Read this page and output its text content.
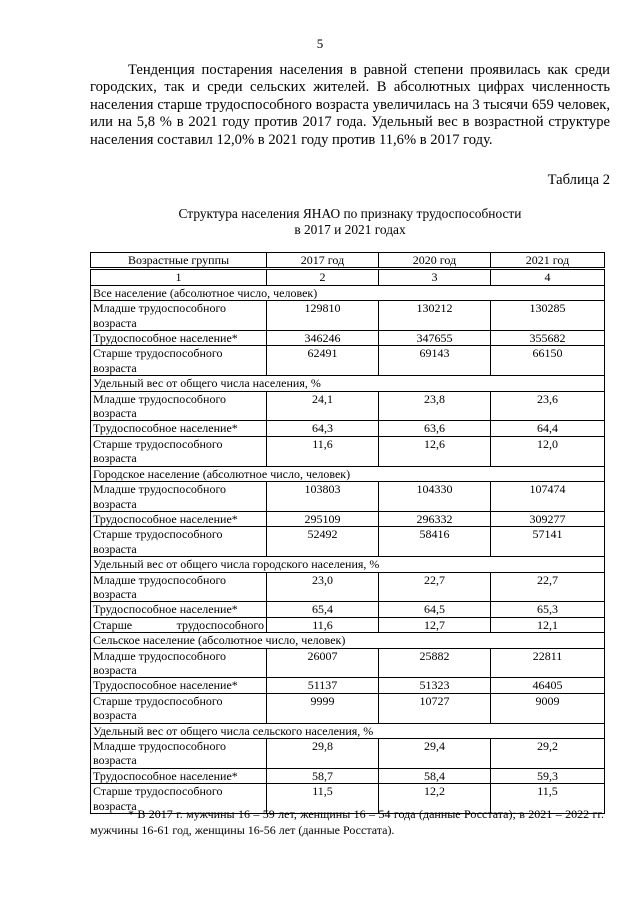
5

Тенденция постарения населения в равной степени проявилась как среди городских, так и среди сельских жителей. В абсолютных цифрах численность населения старше трудоспособного возраста увеличилась на 3 тысячи 659 человек, или на 5,8 % в 2021 году против 2017 года. Удельный вес в возрастной структуре населения составил 12,0% в 2021 году против 11,6% в 2017 году.

Таблица 2
Структура населения ЯНАО по признаку трудоспособности
в 2017 и 2021 годах
Возрастные группы	2017 год	2020 год	2021 год

1	2	3	4
Все население (абсолютное число, человек)			
Младше трудоспособного возраста	129810	130212	130285
Трудоспособное население*	346246	347655	355682
Старше трудоспособного возраста	62491	69143	66150
Удельный вес от общего числа населения, %			
Младше трудоспособного возраста	24,1	23,8	23,6
Трудоспособное население*	64,3	63,6	64,4
Старше трудоспособного возраста	11,6	12,6	12,0
Городское население (абсолютное число, человек)			
Младше трудоспособного возраста	103803	104330	107474
Трудоспособное население*	295109	296332	309277
Старше трудоспособного возраста	52492	58416	57141
Удельный вес от общего числа городского населения, %			
Младше трудоспособного возраста	23,0	22,7	22,7
Трудоспособное население*	65,4	64,5	65,3
Старше трудоспособного	11,6	12,7	12,1
Сельское население (абсолютное число, человек)			
Младше трудоспособного возраста	26007	25882	22811
Трудоспособное население*	51137	51323	46405
Старше трудоспособного возраста	9999	10727	9009
Удельный вес от общего числа сельского населения, %			
Младше трудоспособного возраста	29,8	29,4	29,2
Трудоспособное население*	58,7	58,4	59,3
Старше трудоспособного возраста	11,5	12,2	11,5

* В 2017 г. мужчины 16 – 59 лет, женщины 16 – 54 года (данные Росстата); в 2021 – 2022 гг. мужчины 16-61 год, женщины 16-56 лет (данные Росстата).
